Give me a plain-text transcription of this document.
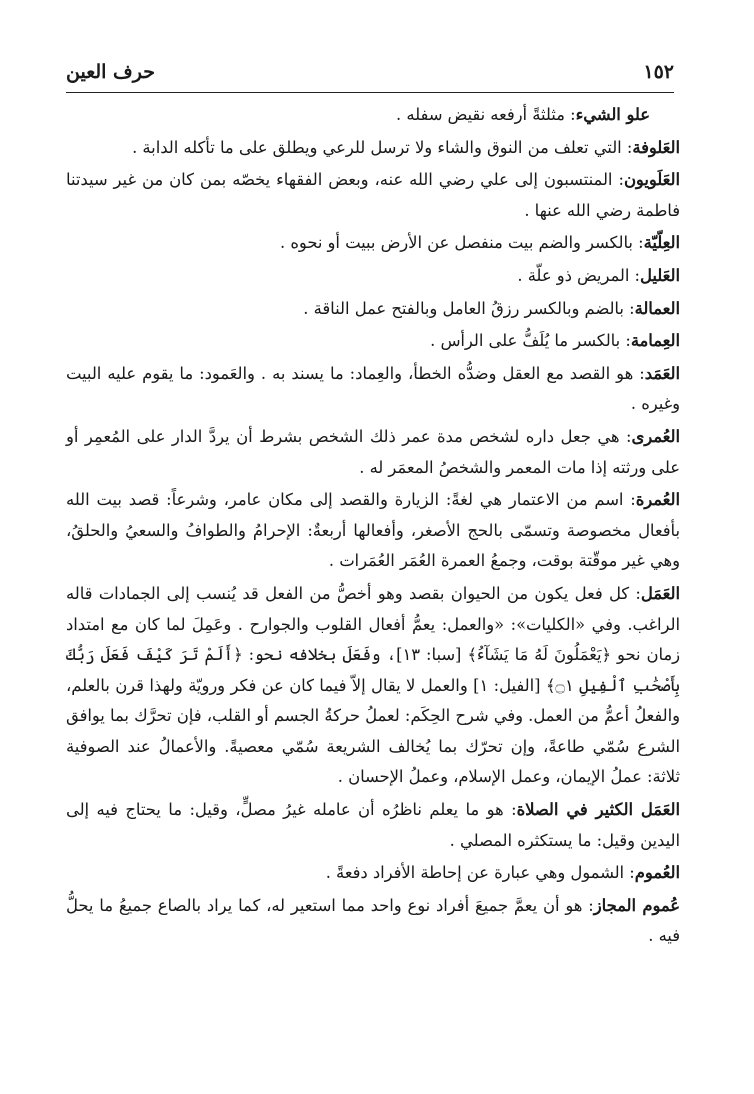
١٥٢
حرف العين

علو الشيء: مثلثةً أرفعه نقيض سفله .

العَلوفة: التي تعلف من النوق والشاء ولا ترسل للرعي ويطلق على ما تأكله الدابة .

العَلَويون: المنتسبون إلى علي رضي الله عنه، وبعض الفقهاء يخصّه بمن كان من غير سيدتنا فاطمة رضي الله عنها .

العِلّيّة: بالكسر والضم بيت منفصل عن الأرض ببيت أو نحوه .

العَليل: المريض ذو علّة .

العمالة: بالضم وبالكسر رزقُ العامل وبالفتح عمل الناقة .

العِمامة: بالكسر ما يُلَفُّ على الرأس .

العَمَد: هو القصد مع العقل وضدُّه الخطأ، والعِماد: ما يسند به . والعَمود: ما يقوم عليه البيت وغيره .

العُمرى: هي جعل داره لشخص مدة عمر ذلك الشخص بشرط أن يردَّ الدار على المُعمِر أو على ورثته إذا مات المعمر والشخصُ المعمَر له .

العُمرة: اسم من الاعتمار هي لغةً: الزيارة والقصد إلى مكان عامر، وشرعاً: قصد بيت الله بأفعال مخصوصة وتسمّى بالحج الأصغر، وأفعالها أربعةٌ: الإحرامُ والطوافُ والسعيُ والحلقُ، وهي غير موقّتة بوقت، وجمعُ العمرة العُمَر العُمَرات .

العَمَل: كل فعل يكون من الحيوان بقصد وهو أخصُّ من الفعل قد يُنسب إلى الجمادات قاله الراغب. وفي «الكليات»: «والعمل: يعمُّ أفعال القلوب والجوارح . وعَمِلَ لما كان مع امتداد زمان نحو ﴿يَعْمَلُونَ لَهُ مَا يَشَآءُ﴾ [سبا: ١٣]، وفَعَلَ بخلافه نحو: ﴿أَلَمْ تَرَ كَيْفَ فَعَلَ رَبُّكَ بِأَصْحَٰبِ ٱلْفِيلِ ۝١﴾ [الفيل: ١] والعمل لا يقال إلاّ فيما كان عن فكر ورويّة ولهذا قرن بالعلم، والفعلُ أعمُّ من العمل. وفي شرح الحِكَم: لعملُ حركةُ الجسم أو القلب، فإن تحرَّك بما يوافق الشرع سُمّي طاعةً، وإن تحرّك بما يُخالف الشريعة سُمّي معصيةً. والأعمالُ عند الصوفية ثلاثة: عملُ الإيمان، وعمل الإسلام، وعملُ الإحسان .

العَمَل الكثير في الصلاة: هو ما يعلم ناظرُه أن عامله غيرُ مصلٍّ، وقيل: ما يحتاج فيه إلى اليدين وقيل: ما يستكثره المصلي .

العُموم: الشمول وهي عبارة عن إحاطة الأفراد دفعةً .

عُموم المجاز: هو أن يعمَّ جميعَ أفراد نوع واحد مما استعير له، كما يراد بالصاع جميعُ ما يحلُّ فيه .
